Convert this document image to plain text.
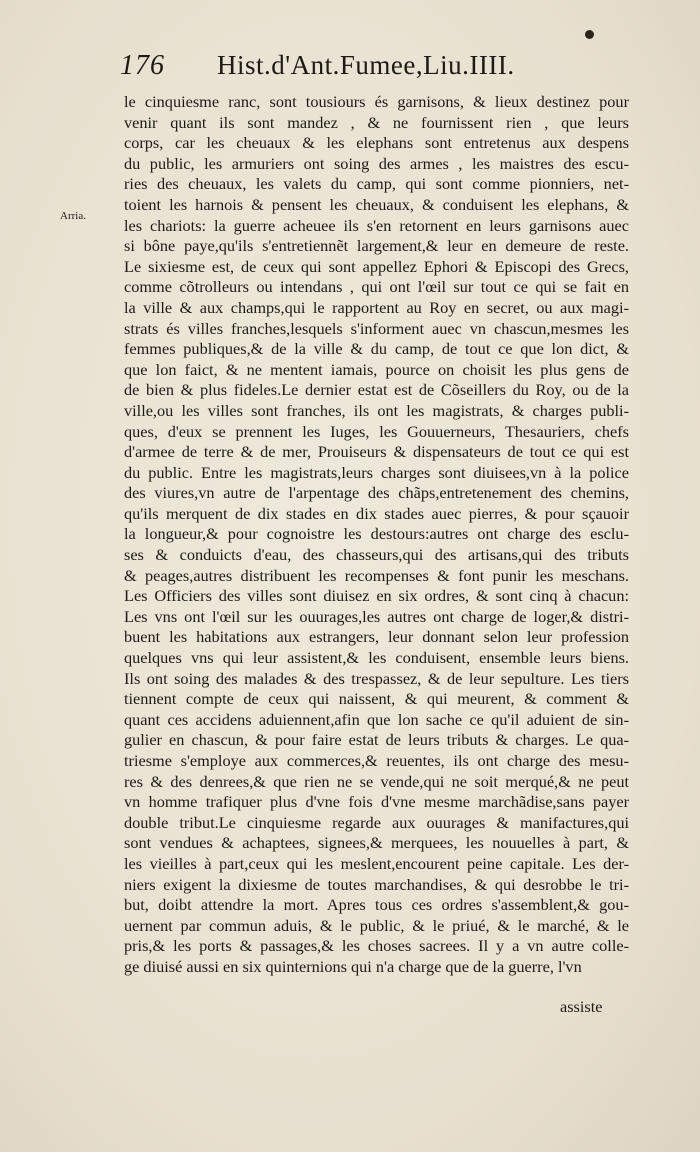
176 Hist.d'Ant.Fumee,Liu.IIII.
Arria.
le cinquiesme ranc, sont tousiours és garnisons, & lieux destinez pour
venir quant ils sont mandez , & ne fournissent rien , que leurs
corps, car les cheuaux & les elephans sont entretenus aux despens
du public, les armuriers ont soing des armes , les maistres des escu-
ries des cheuaux, les valets du camp, qui sont comme pionniers, net-
toient les harnois & pensent les cheuaux, & conduisent les elephans, &
les chariots: la guerre acheuee ils s'en retornent en leurs garnisons auec
si bône paye,qu'ils s'entretiennẽt largement,& leur en demeure de reste.
Le sixiesme est, de ceux qui sont appellez Ephori & Episcopi des Grecs,
comme cõtrolleurs ou intendans , qui ont l'œil sur tout ce qui se fait en
la ville & aux champs,qui le rapportent au Roy en secret, ou aux magi-
strats és villes franches,lesquels s'informent auec vn chascun,mesmes les
femmes publiques,& de la ville & du camp, de tout ce que lon dict, &
que lon faict, & ne mentent iamais, pource on choisit les plus gens de
de bien & plus fideles.Le dernier estat est de Cõseillers du Roy, ou de la
ville,ou les villes sont franches, ils ont les magistrats, & charges publi-
ques, d'eux se prennent les Iuges, les Gouuerneurs, Thesauriers, chefs
d'armee de terre & de mer, Prouiseurs & dispensateurs de tout ce qui est
du public. Entre les magistrats,leurs charges sont diuisees,vn à la police
des viures,vn autre de l'arpentage des chãps,entretenement des chemins,
qu'ils merquent de dix stades en dix stades auec pierres, & pour sçauoir
la longueur,& pour cognoistre les destours:autres ont charge des esclu-
ses & conduicts d'eau, des chasseurs,qui des artisans,qui des tributs
& peages,autres distribuent les recompenses & font punir les meschans.
Les Officiers des villes sont diuisez en six ordres, & sont cinq à chacun:
Les vns ont l'œil sur les ouurages,les autres ont charge de loger,& distri-
buent les habitations aux estrangers, leur donnant selon leur profession
quelques vns qui leur assistent,& les conduisent, ensemble leurs biens.
Ils ont soing des malades & des trespassez, & de leur sepulture. Les tiers
tiennent compte de ceux qui naissent, & qui meurent, & comment &
quant ces accidens aduiennent,afin que lon sache ce qu'il aduient de sin-
gulier en chascun, & pour faire estat de leurs tributs & charges. Le qua-
triesme s'employe aux commerces,& reuentes, ils ont charge des mesu-
res & des denrees,& que rien ne se vende,qui ne soit merqué,& ne peut
vn homme trafiquer plus d'vne fois d'vne mesme marchãdise,sans payer
double tribut.Le cinquiesme regarde aux ouurages & manifactures,qui
sont vendues & achaptees, signees,& merquees, les nouuelles à part, &
les vieilles à part,ceux qui les meslent,encourent peine capitale. Les der-
niers exigent la dixiesme de toutes marchandises, & qui desrobbe le tri-
but, doibt attendre la mort. Apres tous ces ordres s'assemblent,& gou-
uernent par commun aduis, & le public, & le priué, & le marché, & le
pris,& les ports & passages,& les choses sacrees. Il y a vn autre colle-
ge diuisé aussi en six quinternions qui n'a charge que de la guerre, l'vn
assiste
